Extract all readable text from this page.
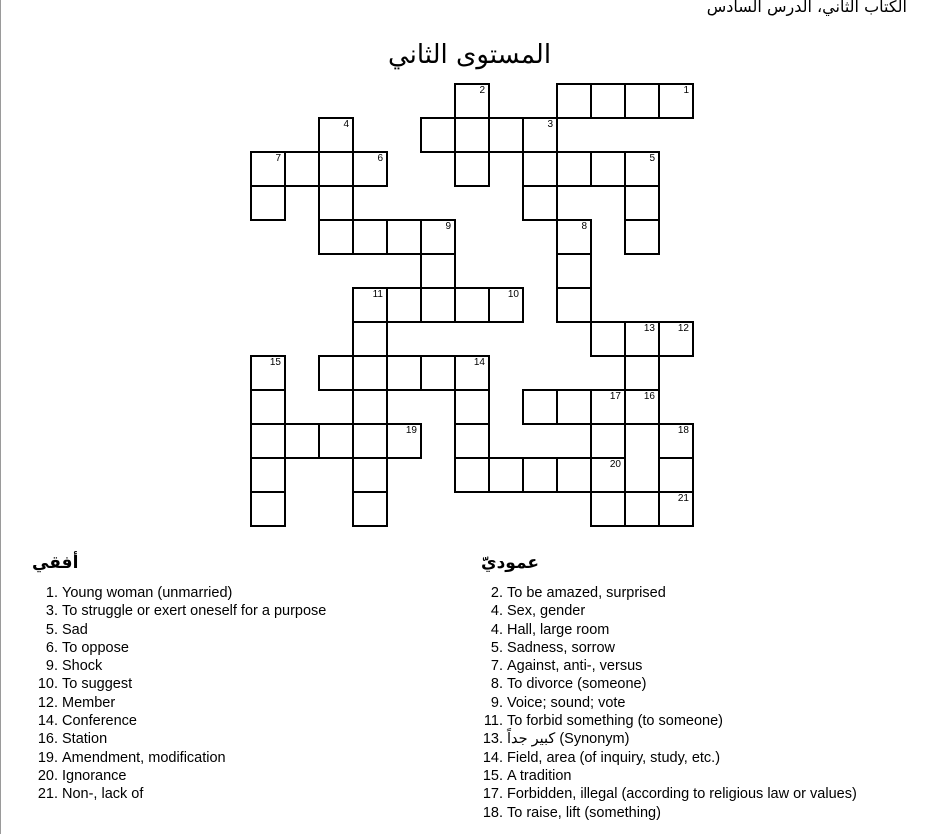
الكتاب الثاني، الدرس السادس
المستوى الثاني
2	1
4	3
7	6	5
9	8
11	10
13 12
15	14
17 16
19	18
20
21
أفقي	عموديّ
1. Young woman (unmarried)
3. To struggle or exert oneself for a purpose
5. Sad
6. To oppose
9. Shock
10. To suggest
12. Member
14. Conference
16. Station
19. Amendment, modification
20. Ignorance
21. Non-, lack of
2. To be amazed, surprised
4. Sex, gender
4. Hall, large room
5. Sadness, sorrow
7. Against, anti-, versus
8. To divorce (someone)
9. Voice; sound; vote
11. To forbid something (to someone)
13. كبير جداً (Synonym)
14. Field, area (of inquiry, study, etc.)
15. A tradition
17. Forbidden, illegal (according to religious law or values)
18. To raise, lift (something)
